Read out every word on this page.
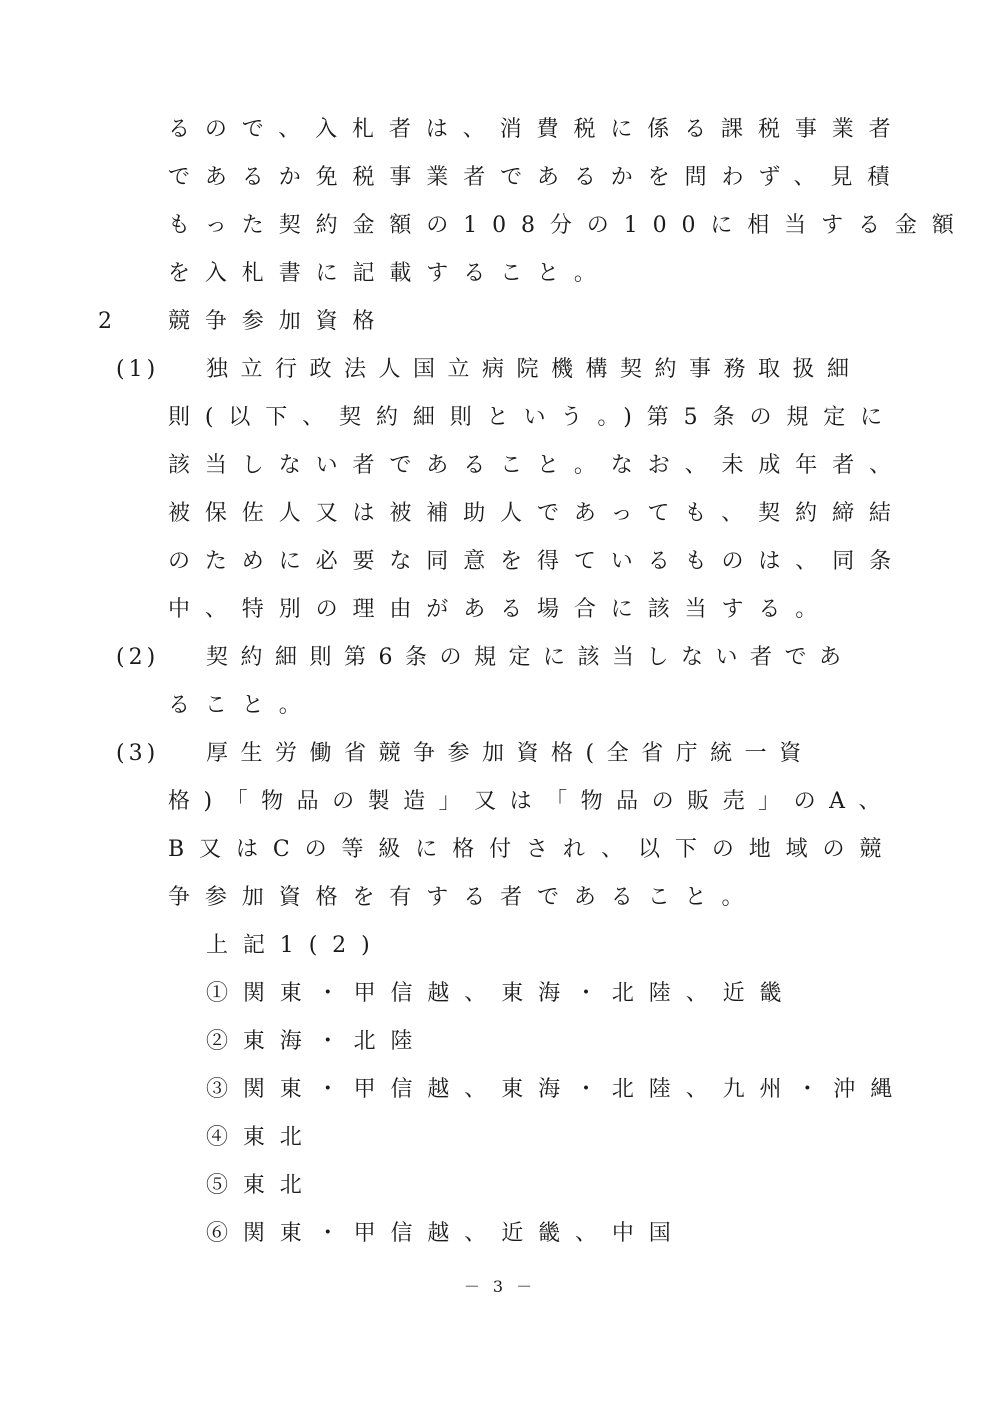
るので、入札者は、消費税に係る課税事業者
であるか免税事業者であるかを問わず、見積
もった契約金額の108分の100に相当する金額
を入札書に記載すること。
2 競争参加資格
(1) 独立行政法人国立病院機構契約事務取扱細
則(以下、契約細則という。)第5条の規定に
該当しない者であること。なお、未成年者、
被保佐人又は被補助人であっても、契約締結
のために必要な同意を得ているものは、同条
中、特別の理由がある場合に該当する。
(2) 契約細則第6条の規定に該当しない者であ
ること。
(3) 厚生労働省競争参加資格(全省庁統一資
格)「物品の製造」又は「物品の販売」のA、
B又はCの等級に格付され、以下の地域の競
争参加資格を有する者であること。
上記1(2)
①関東・甲信越、東海・北陸、近畿
②東海・北陸
③関東・甲信越、東海・北陸、九州・沖縄
④東北
⑤東北
⑥関東・甲信越、近畿、中国
－ 3 －
